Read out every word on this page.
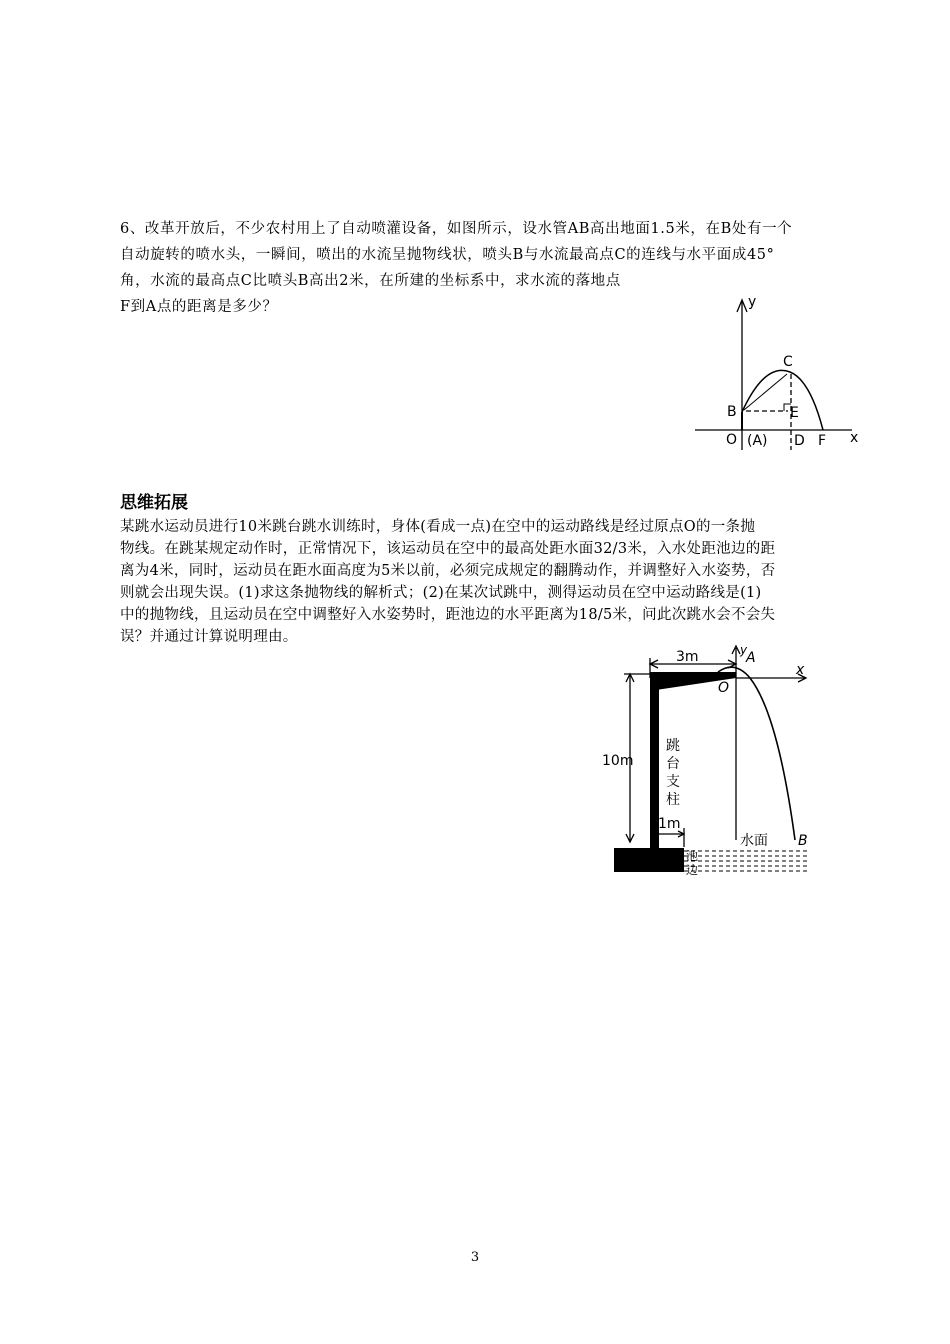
6、改革开放后，不少农村用上了自动喷灌设备，如图所示，设水管AB高出地面1.5米，在B处有一个

自动旋转的喷水头，一瞬间，喷出的水流呈抛物线状，喷头B与水流最高点C的连线与水平面成45°

角，水流的最高点C比喷头B高出2米，在所建的坐标系中，求水流的落地点

F到A点的距离是多少？	y
C
B	E
O (A) D F x
思维拓展

某跳水运动员进行10米跳台跳水训练时，身体(看成一点)在空中的运动路线是经过原点O的一条抛

物线。在跳某规定动作时，正常情况下，该运动员在空中的最高处距水面32/3米，入水处距池边的距

离为4米，同时，运动员在距水面高度为5米以前，必须完成规定的翻腾动作，并调整好入水姿势，否

则就会出现失误。(1)求这条抛物线的解析式；(2)在某次试跳中，测得运动员在空中运动路线是(1)

中的抛物线，且运动员在空中调整好入水姿势时，距池边的水平距离为18/5米，问此次跳水会不会失

误？并通过计算说明理由。

3m	y
A
O
x
10m
跳
台
支
柱
1m
水面 B
池
边
3
